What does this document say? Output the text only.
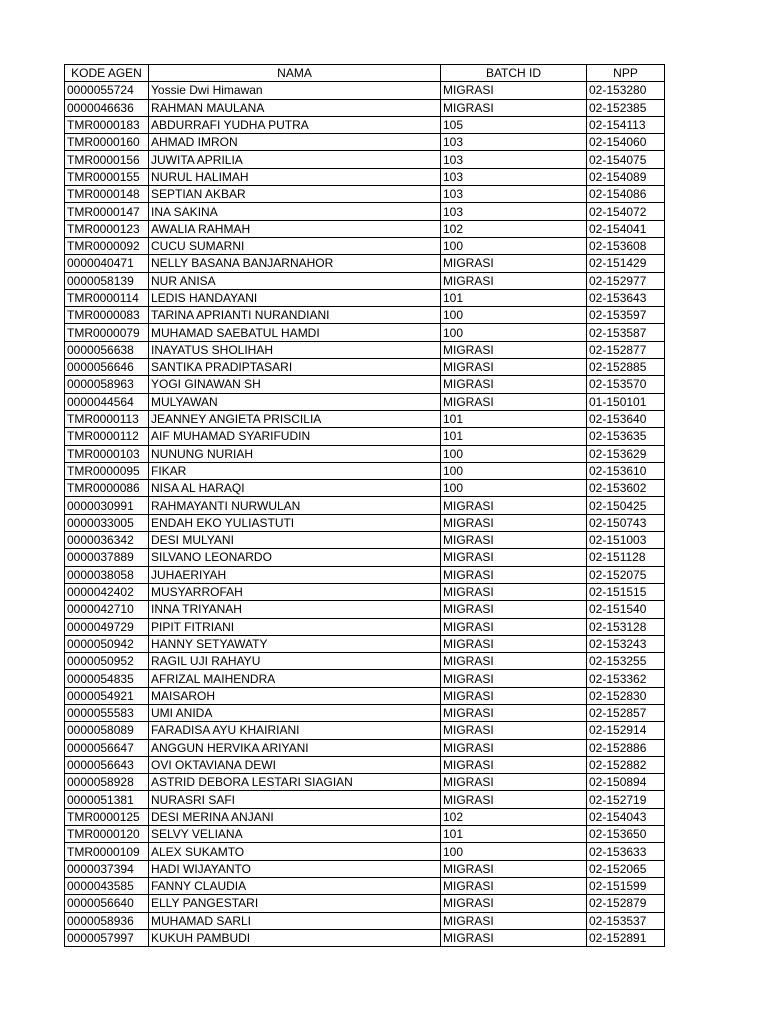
KODE AGEN	NAMA	BATCH ID	NPP
0000055724	Yossie Dwi Himawan	MIGRASI	02-153280
0000046636	RAHMAN MAULANA	MIGRASI	02-152385
TMR0000183	ABDURRAFI YUDHA PUTRA	105	02-154113
TMR0000160	AHMAD IMRON	103	02-154060
TMR0000156	JUWITA APRILIA	103	02-154075
TMR0000155	NURUL HALIMAH	103	02-154089
TMR0000148	SEPTIAN AKBAR	103	02-154086
TMR0000147	INA SAKINA	103	02-154072
TMR0000123	AWALIA RAHMAH	102	02-154041
TMR0000092	CUCU SUMARNI	100	02-153608
0000040471	NELLY BASANA BANJARNAHOR	MIGRASI	02-151429
0000058139	NUR ANISA	MIGRASI	02-152977
TMR0000114	LEDIS HANDAYANI	101	02-153643
TMR0000083	TARINA APRIANTI NURANDIANI	100	02-153597
TMR0000079	MUHAMAD SAEBATUL HAMDI	100	02-153587
0000056638	INAYATUS SHOLIHAH	MIGRASI	02-152877
0000056646	SANTIKA PRADIPTASARI	MIGRASI	02-152885
0000058963	YOGI GINAWAN SH	MIGRASI	02-153570
0000044564	MULYAWAN	MIGRASI	01-150101
TMR0000113	JEANNEY ANGIETA PRISCILIA	101	02-153640
TMR0000112	AIF MUHAMAD SYARIFUDIN	101	02-153635
TMR0000103	NUNUNG NURIAH	100	02-153629
TMR0000095	FIKAR	100	02-153610
TMR0000086	NISA AL HARAQI	100	02-153602
0000030991	RAHMAYANTI NURWULAN	MIGRASI	02-150425
0000033005	ENDAH EKO YULIASTUTI	MIGRASI	02-150743
0000036342	DESI MULYANI	MIGRASI	02-151003
0000037889	SILVANO LEONARDO	MIGRASI	02-151128
0000038058	JUHAERIYAH	MIGRASI	02-152075
0000042402	MUSYARROFAH	MIGRASI	02-151515
0000042710	INNA TRIYANAH	MIGRASI	02-151540
0000049729	PIPIT FITRIANI	MIGRASI	02-153128
0000050942	HANNY SETYAWATY	MIGRASI	02-153243
0000050952	RAGIL UJI RAHAYU	MIGRASI	02-153255
0000054835	AFRIZAL MAIHENDRA	MIGRASI	02-153362
0000054921	MAISAROH	MIGRASI	02-152830
0000055583	UMI ANIDA	MIGRASI	02-152857
0000058089	FARADISA AYU KHAIRIANI	MIGRASI	02-152914
0000056647	ANGGUN HERVIKA ARIYANI	MIGRASI	02-152886
0000056643	OVI OKTAVIANA DEWI	MIGRASI	02-152882
0000058928	ASTRID DEBORA LESTARI SIAGIAN	MIGRASI	02-150894
0000051381	NURASRI SAFI	MIGRASI	02-152719
TMR0000125	DESI MERINA ANJANI	102	02-154043
TMR0000120	SELVY VELIANA	101	02-153650
TMR0000109	ALEX SUKAMTO	100	02-153633
0000037394	HADI WIJAYANTO	MIGRASI	02-152065
0000043585	FANNY CLAUDIA	MIGRASI	02-151599
0000056640	ELLY PANGESTARI	MIGRASI	02-152879
0000058936	MUHAMAD SARLI	MIGRASI	02-153537
0000057997	KUKUH PAMBUDI	MIGRASI	02-152891
